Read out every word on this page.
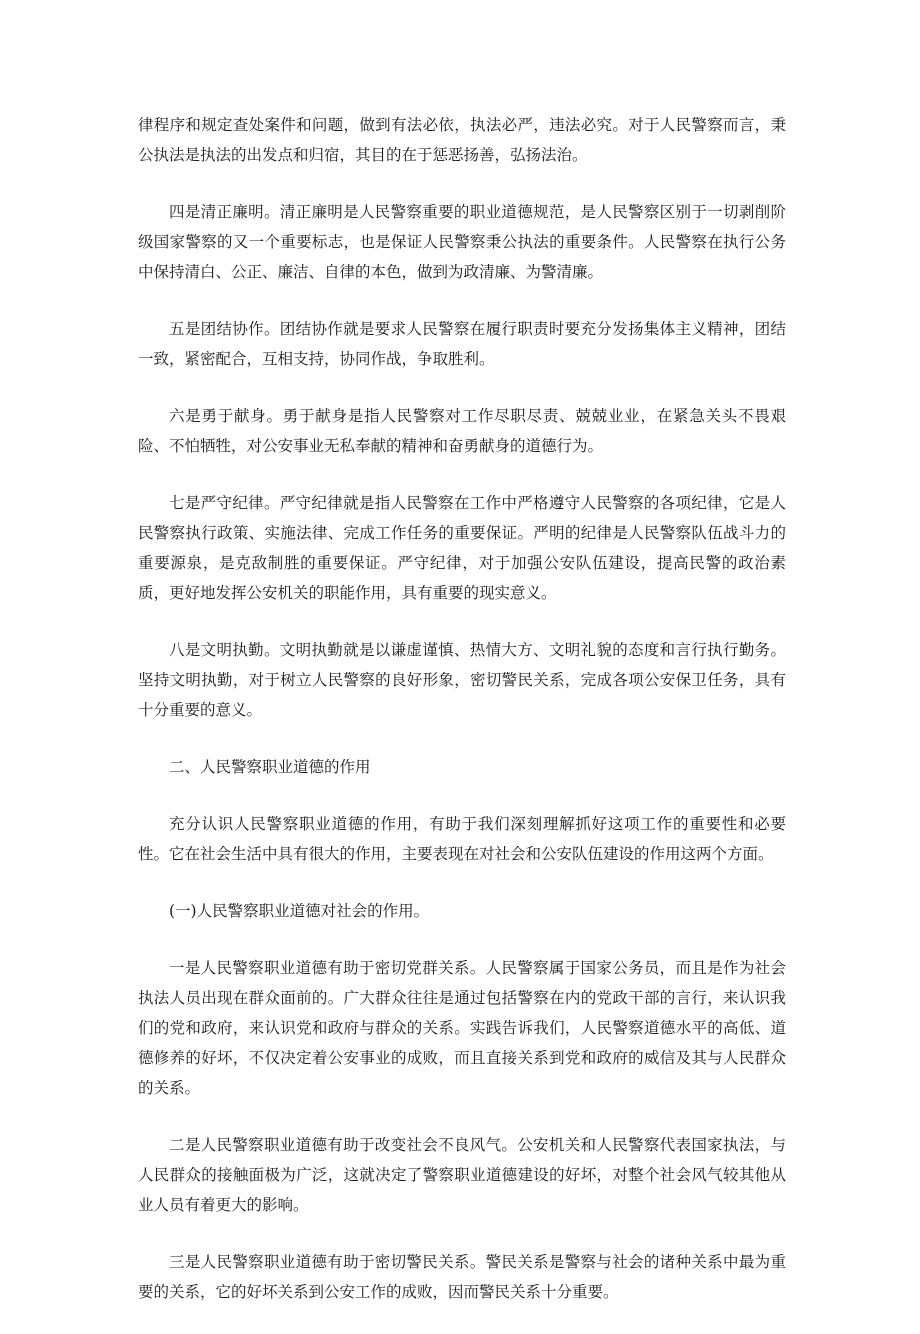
律程序和规定查处案件和问题，做到有法必依，执法必严，违法必究。对于人民警察而言，秉公执法是执法的出发点和归宿，其目的在于惩恶扬善，弘扬法治。

四是清正廉明。清正廉明是人民警察重要的职业道德规范，是人民警察区别于一切剥削阶级国家警察的又一个重要标志，也是保证人民警察秉公执法的重要条件。人民警察在执行公务中保持清白、公正、廉洁、自律的本色，做到为政清廉、为警清廉。

五是团结协作。团结协作就是要求人民警察在履行职责时要充分发扬集体主义精神，团结一致，紧密配合，互相支持，协同作战，争取胜利。

六是勇于献身。勇于献身是指人民警察对工作尽职尽责、兢兢业业，在紧急关头不畏艰险、不怕牺牲，对公安事业无私奉献的精神和奋勇献身的道德行为。

七是严守纪律。严守纪律就是指人民警察在工作中严格遵守人民警察的各项纪律，它是人民警察执行政策、实施法律、完成工作任务的重要保证。严明的纪律是人民警察队伍战斗力的重要源泉，是克敌制胜的重要保证。严守纪律，对于加强公安队伍建设，提高民警的政治素质，更好地发挥公安机关的职能作用，具有重要的现实意义。

八是文明执勤。文明执勤就是以谦虚谨慎、热情大方、文明礼貌的态度和言行执行勤务。坚持文明执勤，对于树立人民警察的良好形象，密切警民关系，完成各项公安保卫任务，具有十分重要的意义。

二、人民警察职业道德的作用

充分认识人民警察职业道德的作用，有助于我们深刻理解抓好这项工作的重要性和必要性。它在社会生活中具有很大的作用，主要表现在对社会和公安队伍建设的作用这两个方面。

(一)人民警察职业道德对社会的作用。

一是人民警察职业道德有助于密切党群关系。人民警察属于国家公务员，而且是作为社会执法人员出现在群众面前的。广大群众往往是通过包括警察在内的党政干部的言行，来认识我们的党和政府，来认识党和政府与群众的关系。实践告诉我们，人民警察道德水平的高低、道德修养的好坏，不仅决定着公安事业的成败，而且直接关系到党和政府的威信及其与人民群众的关系。

二是人民警察职业道德有助于改变社会不良风气。公安机关和人民警察代表国家执法，与人民群众的接触面极为广泛，这就决定了警察职业道德建设的好坏，对整个社会风气较其他从业人员有着更大的影响。

三是人民警察职业道德有助于密切警民关系。警民关系是警察与社会的诸种关系中最为重要的关系，它的好坏关系到公安工作的成败，因而警民关系十分重要。
